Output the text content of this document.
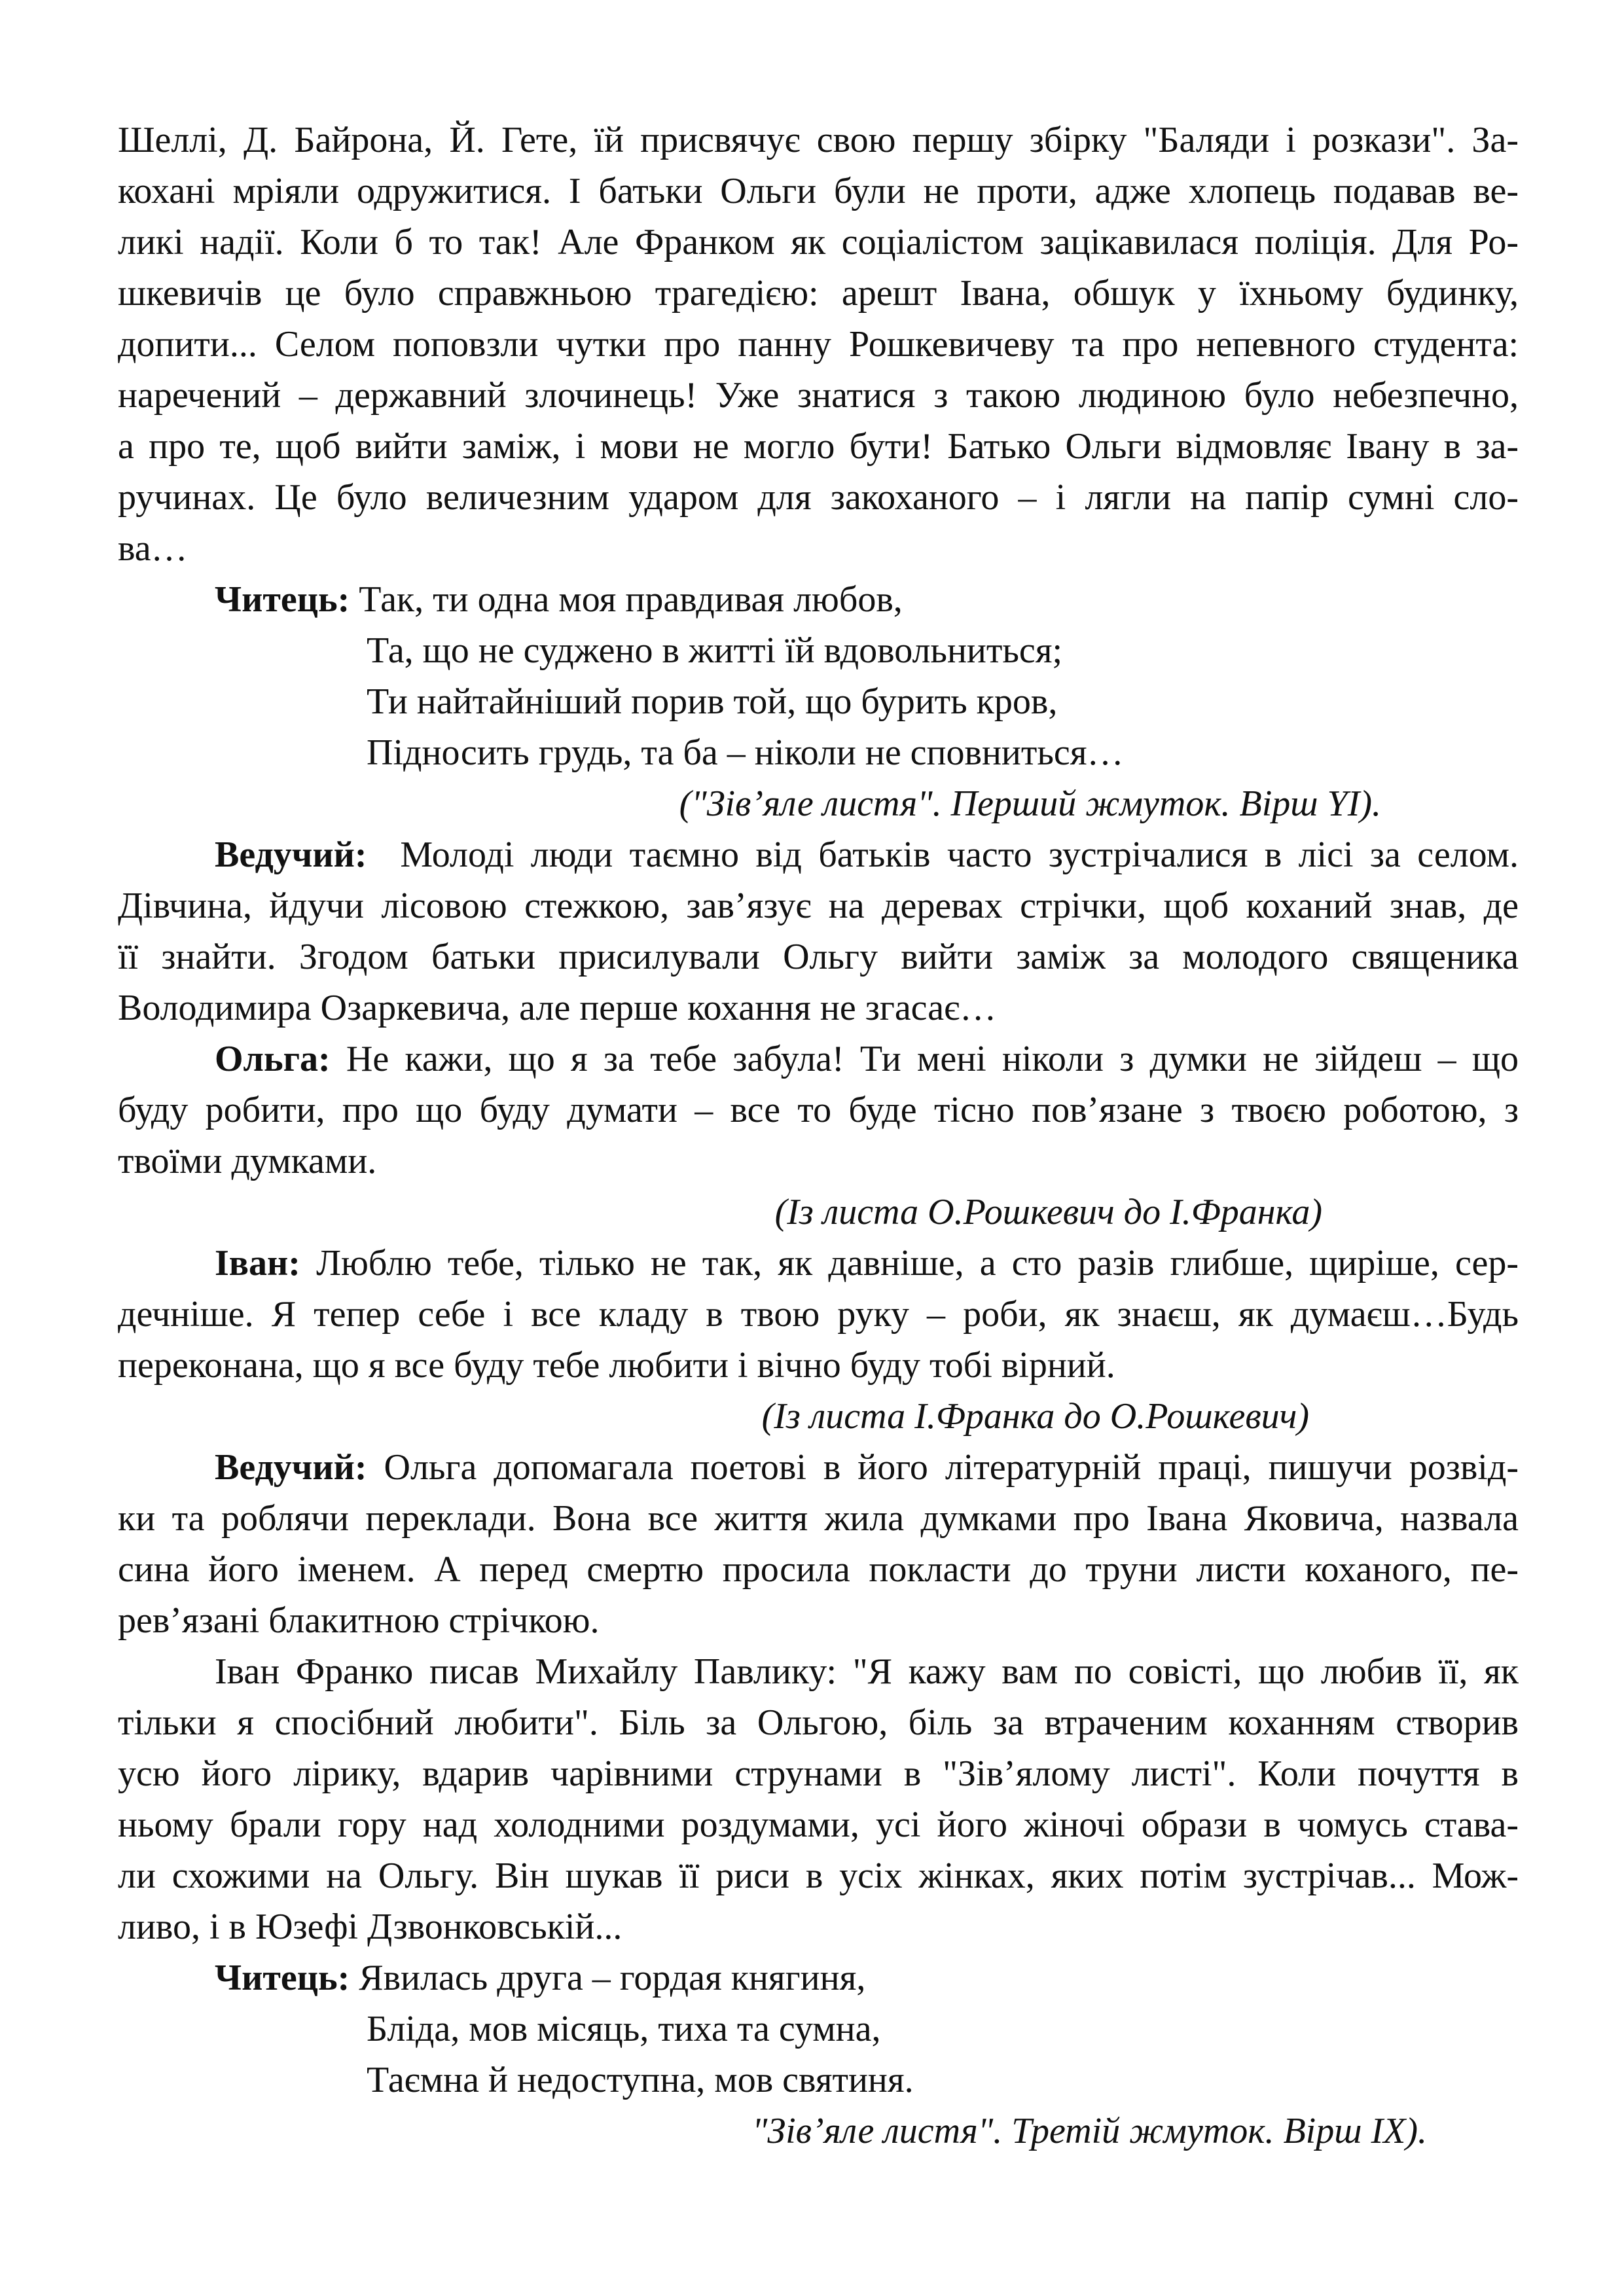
Шеллі, Д. Байрона, Й. Гете, їй присвячує свою першу збірку "Баляди і розкази". За-
кохані мріяли одружитися. І батьки Ольги були не проти, адже хлопець подавав ве-
ликі надії. Коли б то так! Але Франком як соціалістом зацікавилася поліція. Для Ро-
шкевичів це було справжньою трагедією: арешт Івана, обшук у їхньому будинку,
допити... Селом поповзли чутки про панну Рошкевичеву та про непевного студента:
наречений – державний злочинець! Уже знатися з такою людиною було небезпечно,
а про те, щоб вийти заміж, і мови не могло бути! Батько Ольги відмовляє Івану в за-
ручинах. Це було величезним ударом для закоханого – і лягли на папір сумні сло-
ва…
Читець: Так, ти одна моя правдивая любов,
Та, що не суджено в житті їй вдовольниться;
Ти найтайніший порив той, що бурить кров,
Підносить грудь, та ба – ніколи не сповниться…
("Зів’яле листя". Перший жмуток. Вірш YI).
Ведучий: Молоді люди таємно від батьків часто зустрічалися в лісі за селом.
Дівчина, йдучи лісовою стежкою, зав’язує на деревах стрічки, щоб коханий знав, де
її знайти. Згодом батьки присилували Ольгу вийти заміж за молодого священика
Володимира Озаркевича, але перше кохання не згасає…
Ольга: Не кажи, що я за тебе забула! Ти мені ніколи з думки не зійдеш – що
буду робити, про що буду думати – все то буде тісно пов’язане з твоєю роботою, з
твоїми думками.
(Із листа О.Рошкевич до І.Франка)
Іван: Люблю тебе, тілько не так, як давніше, а сто разів глибше, щиріше, сер-
дечніше. Я тепер себе і все кладу в твою руку – роби, як знаєш, як думаєш…Будь
переконана, що я все буду тебе любити і вічно буду тобі вірний.
(Із листа І.Франка до О.Рошкевич)
Ведучий: Ольга допомагала поетові в його літературній праці, пишучи розвід-
ки та роблячи переклади. Вона все життя жила думками про Івана Яковича, назвала
сина його іменем. А перед смертю просила покласти до труни листи коханого, пе-
рев’язані блакитною стрічкою.
Іван Франко писав Михайлу Павлику: "Я кажу вам по совісті, що любив її, як
тільки я спосібний любити". Біль за Ольгою, біль за втраченим коханням створив
усю його лірику, вдарив чарівними струнами в "Зів’ялому листі". Коли почуття в
ньому брали гору над холодними роздумами, усі його жіночі образи в чомусь става-
ли схожими на Ольгу. Він шукав її риси в усіх жінках, яких потім зустрічав... Мож-
ливо, і в Юзефі Дзвонковській...
Читець: Явилась друга – гордая княгиня,
Бліда, мов місяць, тиха та сумна,
Таємна й недоступна, мов святиня.
"Зів’яле листя". Третій жмуток. Вірш IX).
